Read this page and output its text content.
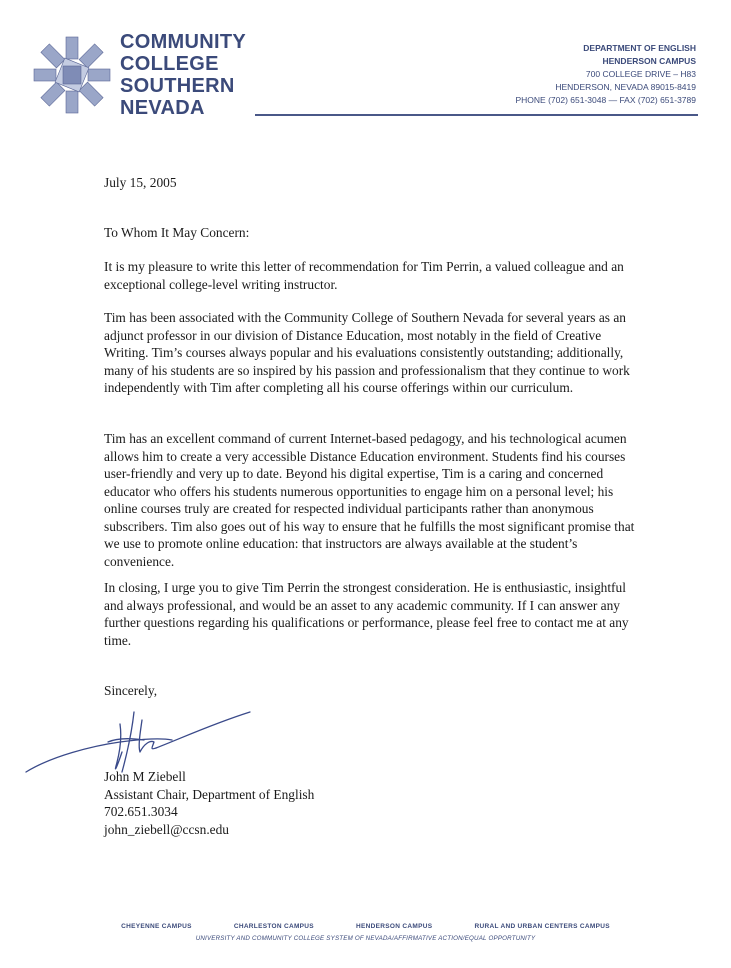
COMMUNITY
COLLEGE
SOUTHERN
NEVADA
DEPARTMENT OF ENGLISH
HENDERSON CAMPUS
700 COLLEGE DRIVE – H83
HENDERSON, NEVADA 89015-8419
PHONE (702) 651-3048 — FAX (702) 651-3789
July 15, 2005
To Whom It May Concern:

It is my pleasure to write this letter of recommendation for Tim Perrin, a valued colleague and an exceptional college-level writing instructor.

Tim has been associated with the Community College of Southern Nevada for several years as an adjunct professor in our division of Distance Education, most notably in the field of Creative Writing. Tim’s courses always popular and his evaluations consistently outstanding; additionally, many of his students are so inspired by his passion and professionalism that they continue to work independently with Tim after completing all his course offerings within our curriculum.

Tim has an excellent command of current Internet-based pedagogy, and his technological acumen allows him to create a very accessible Distance Education environment. Students find his courses user-friendly and very up to date. Beyond his digital expertise, Tim is a caring and concerned educator who offers his students numerous opportunities to engage him on a personal level; his online courses truly are created for respected individual participants rather than anonymous subscribers. Tim also goes out of his way to ensure that he fulfills the most significant promise that we use to promote online education: that instructors are always available at the student’s convenience.

In closing, I urge you to give Tim Perrin the strongest consideration. He is enthusiastic, insightful and always professional, and would be an asset to any academic community. If I can answer any further questions regarding his qualifications or performance, please feel free to contact me at any time.

Sincerely,
John M Ziebell
Assistant Chair, Department of English
702.651.3034
john_ziebell@ccsn.edu
CHEYENNE CAMPUS	CHARLESTON CAMPUS	HENDERSON CAMPUS	RURAL AND URBAN CENTERS CAMPUS
UNIVERSITY AND COMMUNITY COLLEGE SYSTEM OF NEVADA/AFFIRMATIVE ACTION/EQUAL OPPORTUNITY
